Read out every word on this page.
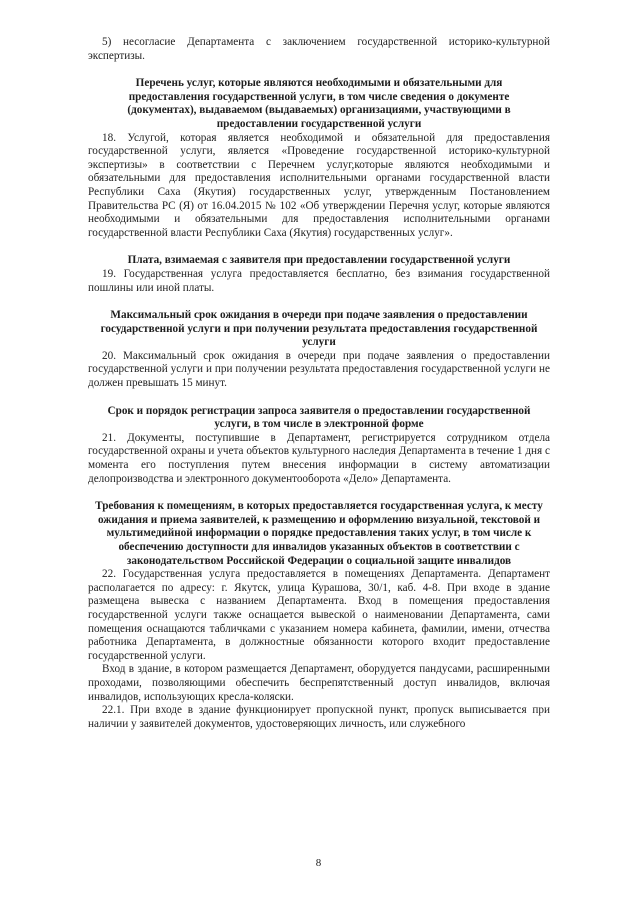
5) несогласие Департамента с заключением государственной историко-культурной экспертизы.

Перечень услуг, которые являются необходимыми и обязательными для предоставления государственной услуги, в том числе сведения о документе (документах), выдаваемом (выдаваемых) организациями, участвующими в предоставлении государственной услуги

18. Услугой, которая является необходимой и обязательной для предоставления государственной услуги, является «Проведение государственной историко-культурной экспертизы» в соответствии с Перечнем услуг,которые являются необходимыми и обязательными для предоставления исполнительными органами государственной власти Республики Саха (Якутия) государственных услуг, утвержденным Постановлением Правительства РС (Я) от 16.04.2015 № 102 «Об утверждении Перечня услуг, которые являются необходимыми и обязательными для предоставления исполнительными органами государственной власти Республики Саха (Якутия) государственных услуг».

Плата, взимаемая с заявителя при предоставлении государственной услуги

19. Государственная услуга предоставляется бесплатно, без взимания государственной пошлины или иной платы.

Максимальный срок ожидания в очереди при подаче заявления о предоставлении государственной услуги и при получении результата предоставления государственной услуги

20. Максимальный срок ожидания в очереди при подаче заявления о предоставлении государственной услуги и при получении результата предоставления государственной услуги не должен превышать 15 минут.

Срок и порядок регистрации запроса заявителя о предоставлении государственной услуги, в том числе в электронной форме

21. Документы, поступившие в Департамент, регистрируется сотрудником отдела государственной охраны и учета объектов культурного наследия Департамента в течение 1 дня с момента его поступления путем внесения информации в систему автоматизации делопроизводства и электронного документооборота «Дело» Департамента.

Требования к помещениям, в которых предоставляется государственная услуга, к месту ожидания и приема заявителей, к размещению и оформлению визуальной, текстовой и мультимедийной информации о порядке предоставления таких услуг, в том числе к обеспечению доступности для инвалидов указанных объектов в соответствии с законодательством Российской Федерации о социальной защите инвалидов

22. Государственная услуга предоставляется в помещениях Департамента. Департамент располагается по адресу: г. Якутск, улица Курашова, 30/1, каб. 4-8. При входе в здание размещена вывеска с названием Департамента. Вход в помещения предоставления государственной услуги также оснащается вывеской о наименовании Департамента, сами помещения оснащаются табличками с указанием номера кабинета, фамилии, имени, отчества работника Департамента, в должностные обязанности которого входит предоставление государственной услуги.

Вход в здание, в котором размещается Департамент, оборудуется пандусами, расширенными проходами, позволяющими обеспечить беспрепятственный доступ инвалидов, включая инвалидов, использующих кресла-коляски.

22.1. При входе в здание функционирует пропускной пункт, пропуск выписывается при наличии у заявителей документов, удостоверяющих личность, или служебного

8
